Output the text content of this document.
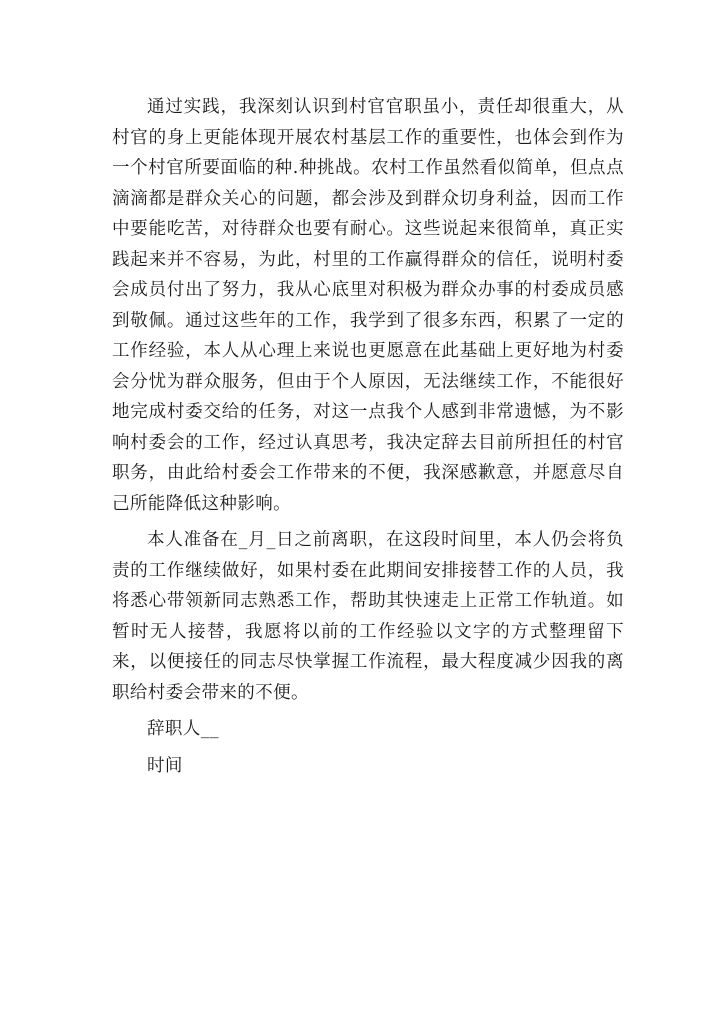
通过实践，我深刻认识到村官官职虽小，责任却很重大，从村官的身上更能体现开展农村基层工作的重要性，也体会到作为一个村官所要面临的种.种挑战。农村工作虽然看似简单，但点点滴滴都是群众关心的问题，都会涉及到群众切身利益，因而工作中要能吃苦，对待群众也要有耐心。这些说起来很简单，真正实践起来并不容易，为此，村里的工作赢得群众的信任，说明村委会成员付出了努力，我从心底里对积极为群众办事的村委成员感到敬佩。通过这些年的工作，我学到了很多东西，积累了一定的工作经验，本人从心理上来说也更愿意在此基础上更好地为村委会分忧为群众服务，但由于个人原因，无法继续工作，不能很好地完成村委交给的任务，对这一点我个人感到非常遗憾，为不影响村委会的工作，经过认真思考，我决定辞去目前所担任的村官职务，由此给村委会工作带来的不便，我深感歉意，并愿意尽自己所能降低这种影响。

本人准备在_月_日之前离职，在这段时间里，本人仍会将负责的工作继续做好，如果村委在此期间安排接替工作的人员，我将悉心带领新同志熟悉工作，帮助其快速走上正常工作轨道。如暂时无人接替，我愿将以前的工作经验以文字的方式整理留下来，以便接任的同志尽快掌握工作流程，最大程度减少因我的离职给村委会带来的不便。

辞职人__

时间
